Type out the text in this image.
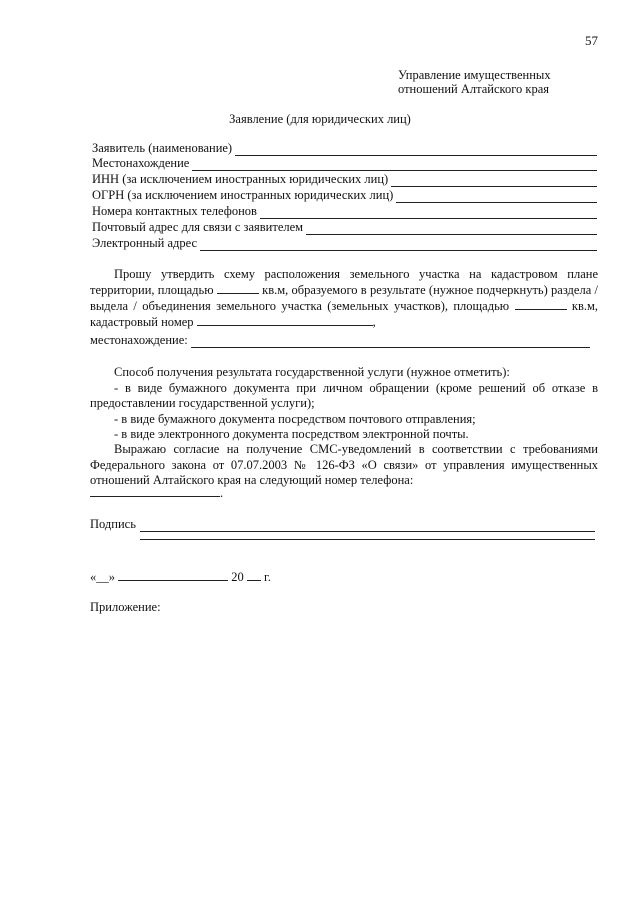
57
Управление имущественных
отношений Алтайского края
Заявление (для юридических лиц)
Заявитель (наименование)
Местонахождение
ИНН (за исключением иностранных юридических лиц)
ОГРН (за исключением иностранных юридических лиц)
Номера контактных телефонов
Почтовый адрес для связи с заявителем
Электронный адрес
Прошу утвердить схему расположения земельного участка на кадастровом плане территории, площадью	кв.м, образуемого в результате (нужное подчеркнуть) раздела / выдела / объединения земельного участка (земельных участков), площадью	кв.м, кадастровый номер	,
местонахождение:
Способ получения результата государственной услуги (нужное отметить):
- в виде бумажного документа при личном обращении (кроме решений об отказе в предоставлении государственной услуги);
- в виде бумажного документа посредством почтового отправления;
- в виде электронного документа посредством электронной почты.
Выражаю согласие на получение СМС-уведомлений в соответствии с требованиями Федерального закона от 07.07.2003 № 126-ФЗ «О связи» от управления имущественных отношений Алтайского края на следующий номер телефона:
.
Подпись
«__»	20 г.
Приложение:
